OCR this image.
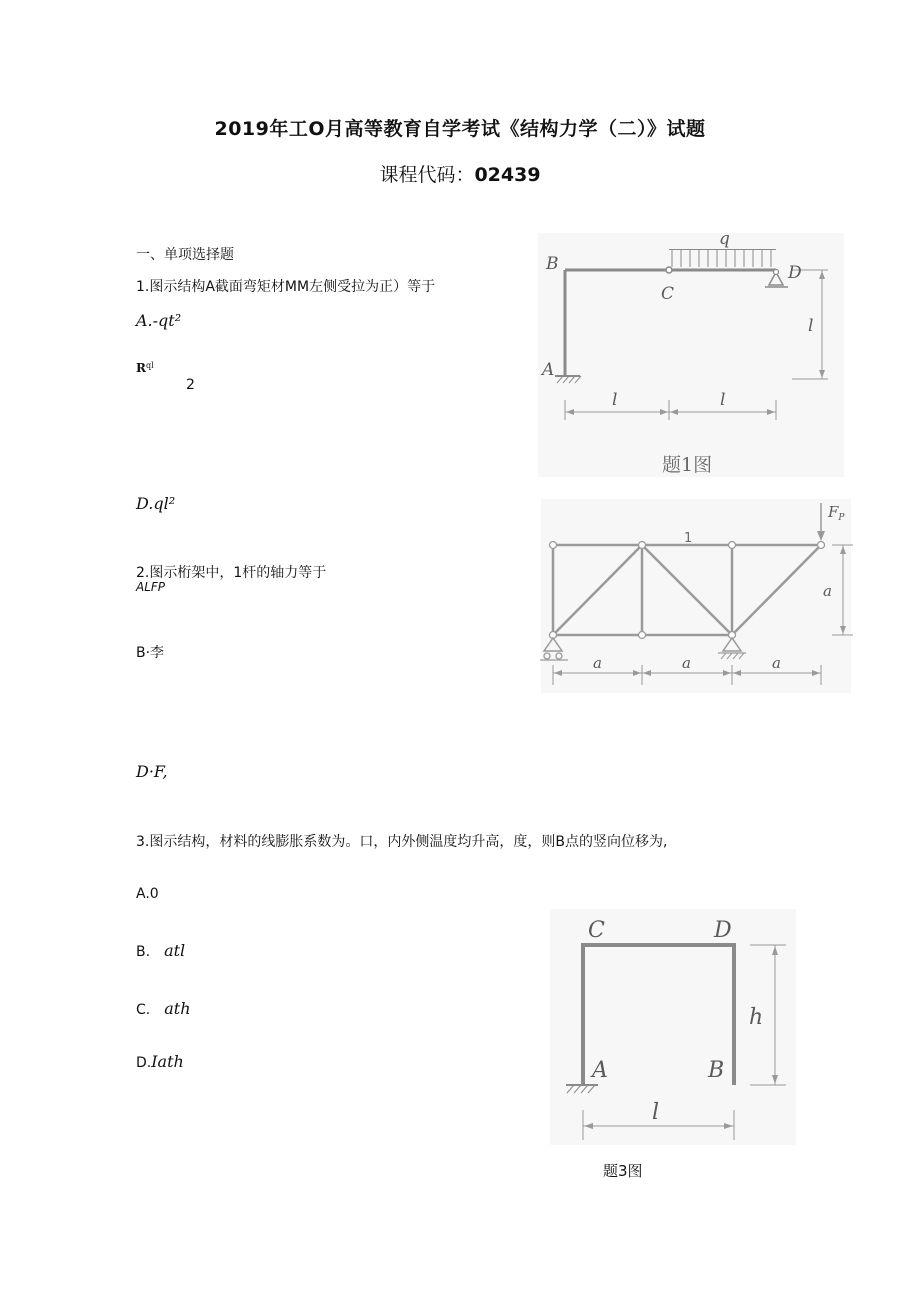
2019年工O月高等教育自学考试《结构力学（二）》试题
课程代码：02439
一、单项选择题
1.图示结构A截面弯矩材MM左侧受拉为正）等于
A.-qt²
$R^{ql}$
2
D.ql²
2.图示桁架中，1杆的轴力等于
ALFP
B·李
D·F,
3.图示结构，材料的线膨胀系数为。口，内外侧温度均升高，度，则B点的竖向位移为,
A.0
B. atl
C. ath
D.Iath
B
C
D
A
q
l
l	l
题1图
$F_P$
1
a
a	a	a
C	D
A	B
h
l
题3图
